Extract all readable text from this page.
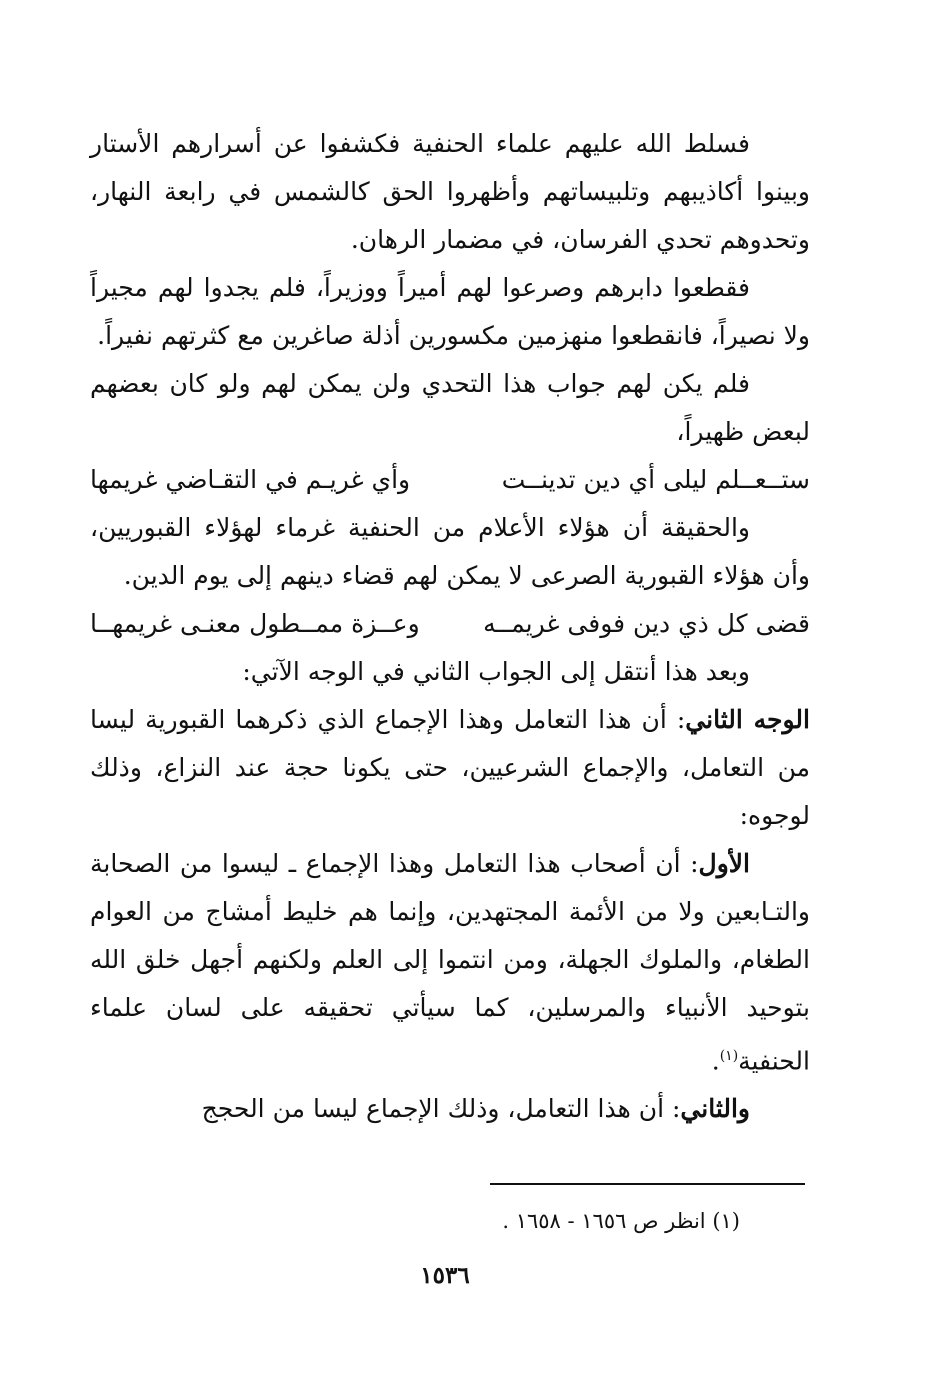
فسلط الله عليهم علماء الحنفية فكشفوا عن أسرارهم الأستار وبينوا أكاذيبهم وتلبيساتهم وأظهروا الحق كالشمس في رابعة النهار، وتحدوهم تحدي الفرسان، في مضمار الرهان.

فقطعوا دابرهم وصرعوا لهم أميراً ووزيراً، فلم يجدوا لهم مجيراً ولا نصيراً، فانقطعوا منهزمين مكسورين أذلة صاغرين مع كثرتهم نفيراً.

فلم يكن لهم جواب هذا التحدي ولن يمكن لهم ولو كان بعضهم لبعض ظهيراً،

ستــعــلم ليلى أي دين تدينــت
وأي غريـم في التقـاضي غريمها

والحقيقة أن هؤلاء الأعلام من الحنفية غرماء لهؤلاء القبوريين، وأن هؤلاء القبورية الصرعى لا يمكن لهم قضاء دينهم إلى يوم الدين.

قضى كل ذي دين فوفى غريمــه
وعــزة ممــطول معنـى غريمهــا

وبعد هذا أنتقل إلى الجواب الثاني في الوجه الآتي:

الوجه الثاني: أن هذا التعامل وهذا الإجماع الذي ذكرهما القبورية ليسا من التعامل، والإجماع الشرعيين، حتى يكونا حجة عند النزاع، وذلك لوجوه:

الأول: أن أصحاب هذا التعامل وهذا الإجماع ـ ليسوا من الصحابة والتـابعين ولا من الأئمة المجتهدين، وإنما هم خليط أمشاج من العوام الطغام، والملوك الجهلة، ومن انتموا إلى العلم ولكنهم أجهل خلق الله بتوحيد الأنبياء والمرسلين، كما سيأتي تحقيقه على لسان علماء الحنفية$^{(١)}$.

والثاني: أن هذا التعامل، وذلك الإجماع ليسا من الحجج

(١) انظر ص ١٦٥٦ - ١٦٥٨ .

١٥٣٦
